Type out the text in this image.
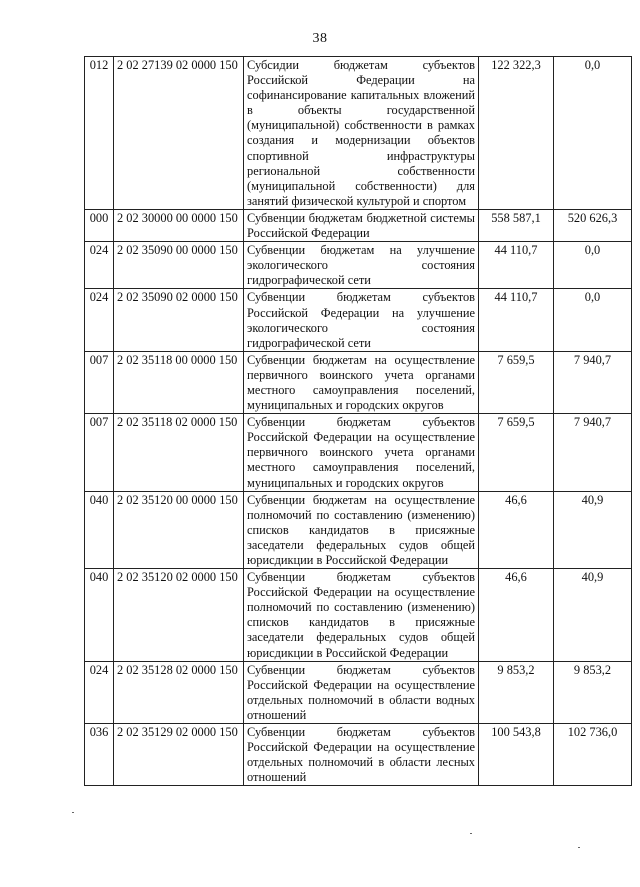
38
012	2 02 27139 02 0000 150	Субсидии бюджетам субъектов Российской Федерации на софинансирование капитальных вложений в объекты государственной (муниципальной) собственности в рамках создания и модернизации объектов спортивной инфраструктуры региональной собственности (муниципальной собственности) для занятий физической культурой и спортом	122 322,3	0,0
000	2 02 30000 00 0000 150	Субвенции бюджетам бюджетной системы Российской Федерации	558 587,1	520 626,3
024	2 02 35090 00 0000 150	Субвенции бюджетам на улучшение экологического состояния гидрографической сети	44 110,7	0,0
024	2 02 35090 02 0000 150	Субвенции бюджетам субъектов Российской Федерации на улучшение экологического состояния гидрографической сети	44 110,7	0,0
007	2 02 35118 00 0000 150	Субвенции бюджетам на осуществление первичного воинского учета органами местного самоуправления поселений, муниципальных и городских округов	7 659,5	7 940,7
007	2 02 35118 02 0000 150	Субвенции бюджетам субъектов Российской Федерации на осуществление первичного воинского учета органами местного самоуправления поселений, муниципальных и городских округов	7 659,5	7 940,7
040	2 02 35120 00 0000 150	Субвенции бюджетам на осуществление полномочий по составлению (изменению) списков кандидатов в присяжные заседатели федеральных судов общей юрисдикции в Российской Федерации	46,6	40,9
040	2 02 35120 02 0000 150	Субвенции бюджетам субъектов Российской Федерации на осуществление полномочий по составлению (изменению) списков кандидатов в присяжные заседатели федеральных судов общей юрисдикции в Российской Федерации	46,6	40,9
024	2 02 35128 02 0000 150	Субвенции бюджетам субъектов Российской Федерации на осуществление отдельных полномочий в области водных отношений	9 853,2	9 853,2
036	2 02 35129 02 0000 150	Субвенции бюджетам субъектов Российской Федерации на осуществление отдельных полномочий в области лесных отношений	100 543,8	102 736,0
